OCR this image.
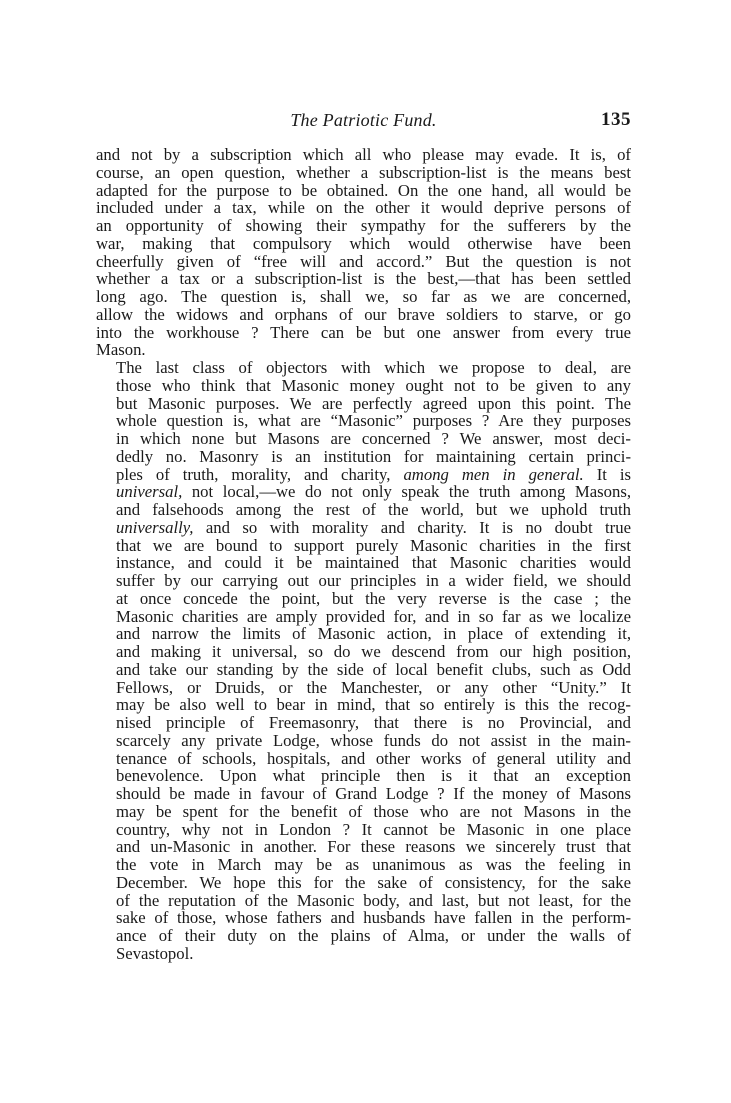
The Patriotic Fund.	135
and not by a subscription which all who please may evade. It is, of
course, an open question, whether a subscription-list is the means best
adapted for the purpose to be obtained. On the one hand, all would be
included under a tax, while on the other it would deprive persons of
an opportunity of showing their sympathy for the sufferers by the
war, making that compulsory which would otherwise have been
cheerfully given of “free will and accord.” But the question is not
whether a tax or a subscription-list is the best,—that has been settled
long ago. The question is, shall we, so far as we are concerned,
allow the widows and orphans of our brave soldiers to starve, or go
into the workhouse ? There can be but one answer from every true
Mason.
The last class of objectors with which we propose to deal, are
those who think that Masonic money ought not to be given to any
but Masonic purposes. We are perfectly agreed upon this point. The
whole question is, what are “Masonic” purposes ? Are they purposes
in which none but Masons are concerned ? We answer, most deci-
dedly no. Masonry is an institution for maintaining certain princi-
ples of truth, morality, and charity, among men in general. It is
universal, not local,—we do not only speak the truth among Masons,
and falsehoods among the rest of the world, but we uphold truth
universally, and so with morality and charity. It is no doubt true
that we are bound to support purely Masonic charities in the first
instance, and could it be maintained that Masonic charities would
suffer by our carrying out our principles in a wider field, we should
at once concede the point, but the very reverse is the case ; the
Masonic charities are amply provided for, and in so far as we localize
and narrow the limits of Masonic action, in place of extending it,
and making it universal, so do we descend from our high position,
and take our standing by the side of local benefit clubs, such as Odd
Fellows, or Druids, or the Manchester, or any other “Unity.” It
may be also well to bear in mind, that so entirely is this the recog-
nised principle of Freemasonry, that there is no Provincial, and
scarcely any private Lodge, whose funds do not assist in the main-
tenance of schools, hospitals, and other works of general utility and
benevolence. Upon what principle then is it that an exception
should be made in favour of Grand Lodge ? If the money of Masons
may be spent for the benefit of those who are not Masons in the
country, why not in London ? It cannot be Masonic in one place
and un-Masonic in another. For these reasons we sincerely trust that
the vote in March may be as unanimous as was the feeling in
December. We hope this for the sake of consistency, for the sake
of the reputation of the Masonic body, and last, but not least, for the
sake of those, whose fathers and husbands have fallen in the perform-
ance of their duty on the plains of Alma, or under the walls of
Sevastopol.
